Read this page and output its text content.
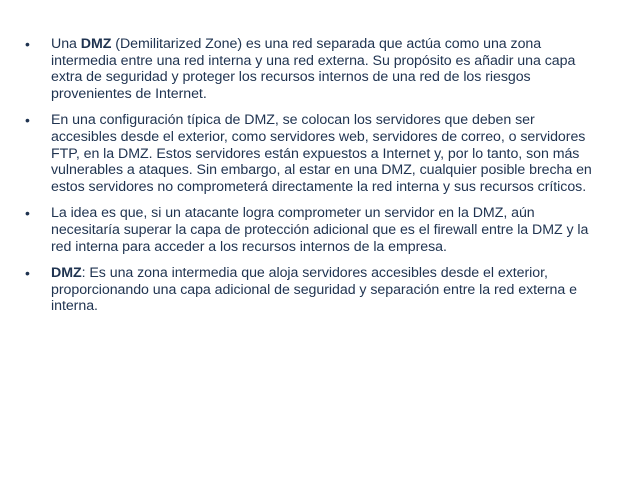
•	Una DMZ (Demilitarized Zone) es una red separada que actúa como una zona intermedia entre una red interna y una red externa. Su propósito es añadir una capa extra de seguridad y proteger los recursos internos de una red de los riesgos provenientes de Internet.
•	En una configuración típica de DMZ, se colocan los servidores que deben ser accesibles desde el exterior, como servidores web, servidores de correo, o servidores FTP, en la DMZ. Estos servidores están expuestos a Internet y, por lo tanto, son más vulnerables a ataques. Sin embargo, al estar en una DMZ, cualquier posible brecha en estos servidores no comprometerá directamente la red interna y sus recursos críticos.
•	La idea es que, si un atacante logra comprometer un servidor en la DMZ, aún necesitaría superar la capa de protección adicional que es el firewall entre la DMZ y la red interna para acceder a los recursos internos de la empresa.
•	DMZ: Es una zona intermedia que aloja servidores accesibles desde el exterior, proporcionando una capa adicional de seguridad y separación entre la red externa e interna.
